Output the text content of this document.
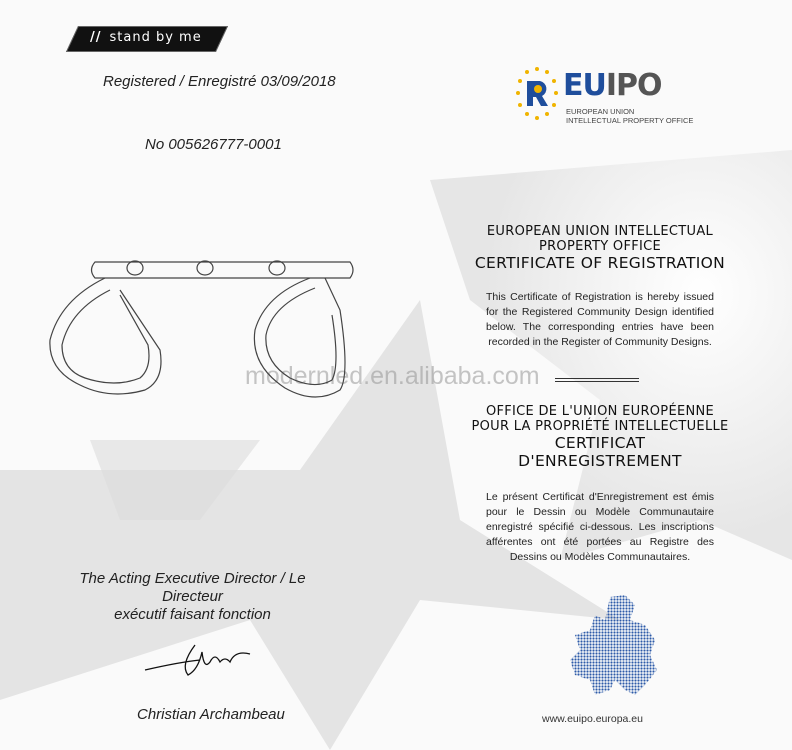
// stand by me
Registered / Enregistré 03/09/2018
No 005626777-0001
EUIPO
EUROPEAN UNION
INTELLECTUAL PROPERTY OFFICE
EUROPEAN UNION INTELLECTUAL
PROPERTY OFFICE
CERTIFICATE OF REGISTRATION
This Certificate of Registration is hereby issued for the Registered Community Design identified below. The corresponding entries have been recorded in the Register of Community Designs.
modernled.en.alibaba.com
OFFICE DE L'UNION EUROPÉENNE
POUR LA PROPRIÉTÉ INTELLECTUELLE
CERTIFICAT
D'ENREGISTREMENT
Le présent Certificat d'Enregistrement est émis pour le Dessin ou Modèle Communautaire enregistré spécifié ci-dessous. Les inscriptions afférentes ont été portées au Registre des Dessins ou Modèles Communautaires.
The Acting Executive Director / Le Directeur
exécutif faisant fonction
Christian Archambeau	www.euipo.europa.eu
